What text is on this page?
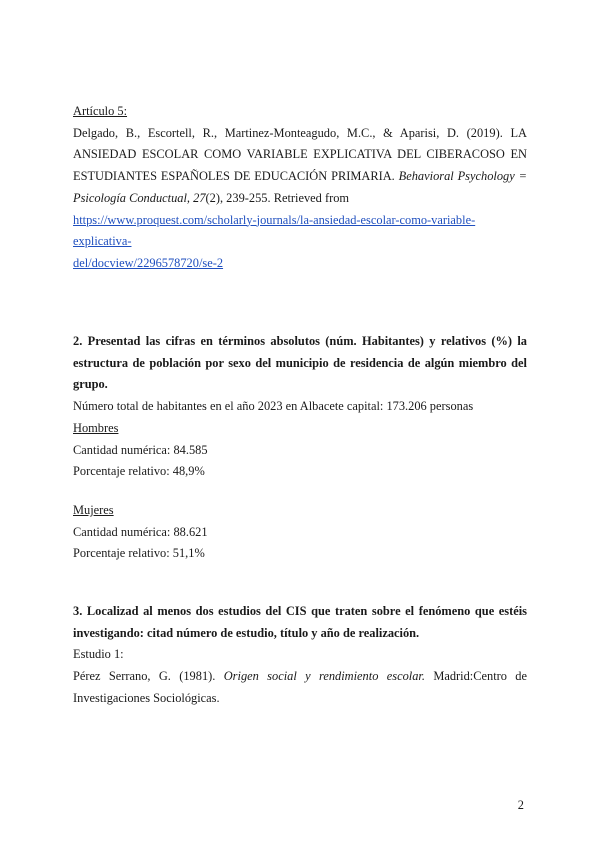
Artículo 5:
Delgado, B., Escortell, R., Martinez-Monteagudo, M.C., & Aparisi, D. (2019). LA ANSIEDAD ESCOLAR COMO VARIABLE EXPLICATIVA DEL CIBERACOSO EN ESTUDIANTES ESPAÑOLES DE EDUCACIÓN PRIMARIA. Behavioral Psychology = Psicología Conductual, 27(2), 239-255. Retrieved from
https://www.proquest.com/scholarly-journals/la-ansiedad-escolar-como-variable-explicativa-
del/docview/2296578720/se-2
2. Presentad las cifras en términos absolutos (núm. Habitantes) y relativos (%) la estructura de población por sexo del municipio de residencia de algún miembro del grupo.
Número total de habitantes en el año 2023 en Albacete capital: 173.206 personas
Hombres
Cantidad numérica: 84.585
Porcentaje relativo: 48,9%
Mujeres
Cantidad numérica: 88.621
Porcentaje relativo: 51,1%
3. Localizad al menos dos estudios del CIS que traten sobre el fenómeno que estéis investigando: citad número de estudio, título y año de realización.
Estudio 1:
Pérez Serrano, G. (1981). Origen social y rendimiento escolar. Madrid:Centro de Investigaciones Sociológicas.
2
